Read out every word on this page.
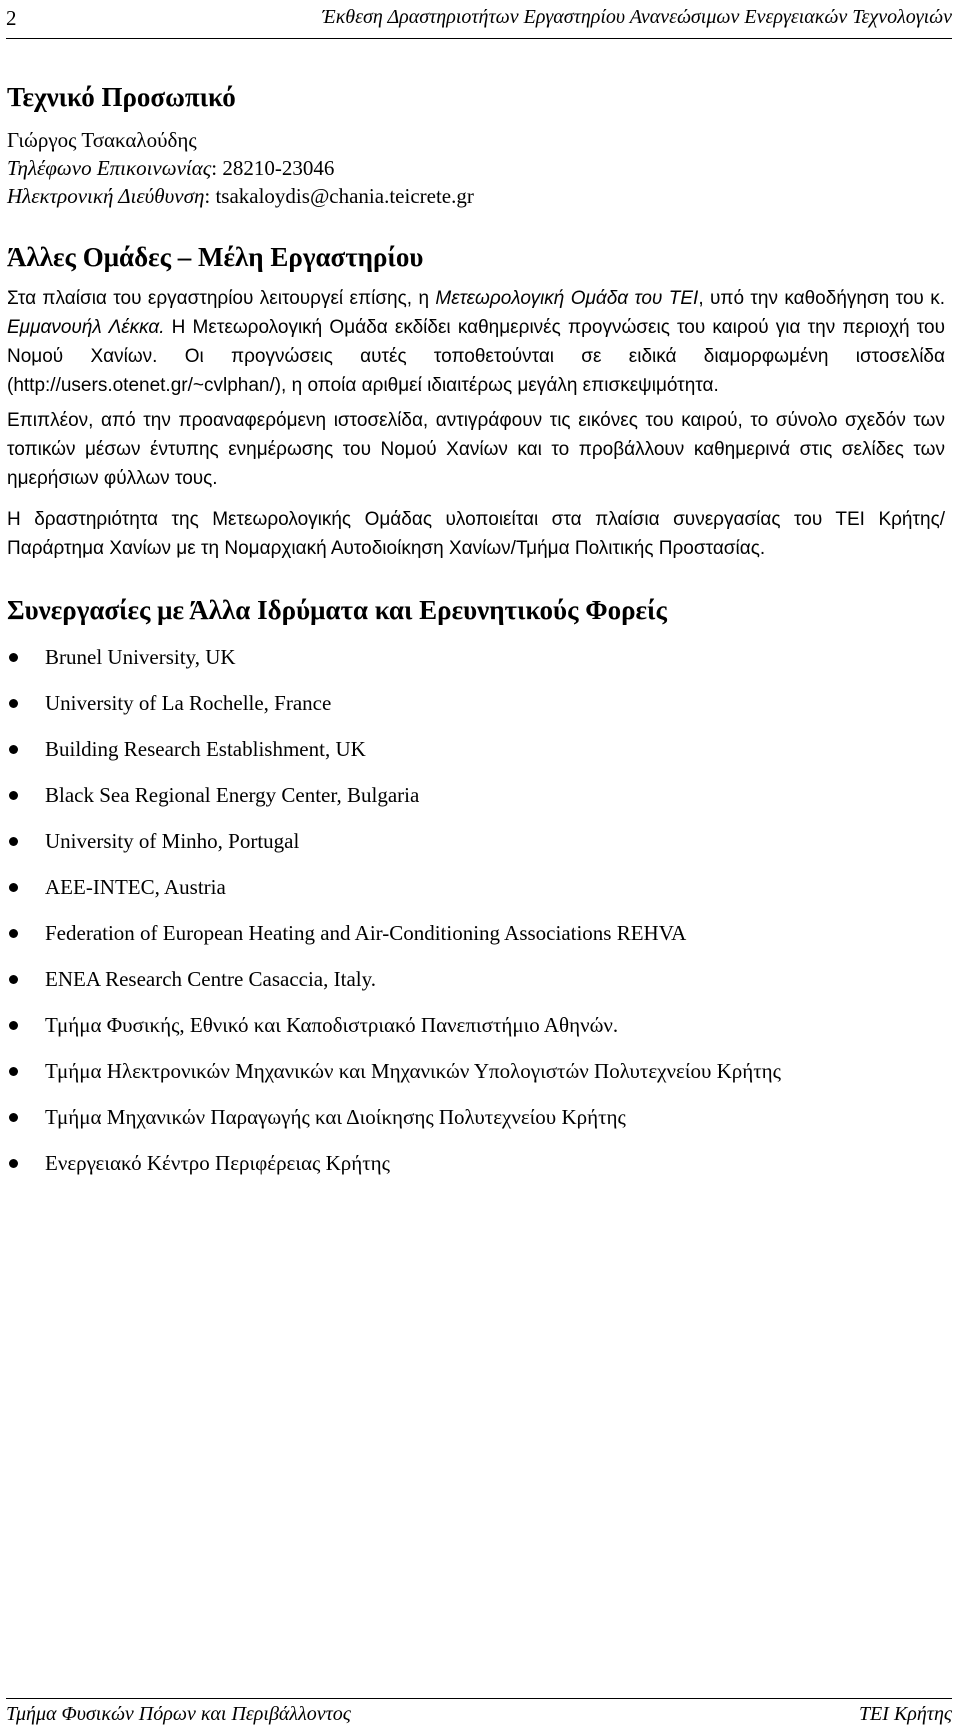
2	Έκθεση Δραστηριοτήτων Εργαστηρίου Ανανεώσιμων Ενεργειακών Τεχνολογιών
Τεχνικό Προσωπικό
Γιώργος Τσακαλούδης
Τηλέφωνο Επικοινωνίας: 28210-23046
Ηλεκτρονική Διεύθυνση: tsakaloydis@chania.teicrete.gr
Άλλες Ομάδες – Μέλη Εργαστηρίου

Στα πλαίσια του εργαστηρίου λειτουργεί επίσης, η Μετεωρολογική Ομάδα του ΤΕΙ, υπό την καθοδήγηση του κ. Εμμανουήλ Λέκκα. Η Μετεωρολογική Ομάδα εκδίδει καθημερινές προγνώσεις του καιρού για την περιοχή του Νομού Χανίων. Οι προγνώσεις αυτές τοποθετούνται σε ειδικά διαμορφωμένη ιστοσελίδα (http://users.otenet.gr/~cvlphan/), η οποία αριθμεί ιδιαιτέρως μεγάλη επισκεψιμότητα.

Επιπλέον, από την προαναφερόμενη ιστοσελίδα, αντιγράφουν τις εικόνες του καιρού, το σύνολο σχεδόν των τοπικών μέσων έντυπης ενημέρωσης του Νομού Χανίων και το προβάλλουν καθημερινά στις σελίδες των ημερήσιων φύλλων τους.

Η δραστηριότητα της Μετεωρολογικής Ομάδας υλοποιείται στα πλαίσια συνεργασίας του ΤΕΙ Κρήτης/Παράρτημα Χανίων με τη Νομαρχιακή Αυτοδιοίκηση Χανίων/Τμήμα Πολιτικής Προστασίας.

Συνεργασίες με Άλλα Ιδρύματα και Ερευνητικούς Φορείς
Brunel University, UK
University of La Rochelle, France
Building Research Establishment, UK
Black Sea Regional Energy Center, Bulgaria
University of Minho, Portugal
AEE-INTEC, Austria
Federation of European Heating and Air-Conditioning Associations REHVA
ENEA Research Centre Casaccia, Italy.
Τμήμα Φυσικής, Εθνικό και Καποδιστριακό Πανεπιστήμιο Αθηνών.
Τμήμα Ηλεκτρονικών Μηχανικών και Μηχανικών Υπολογιστών Πολυτεχνείου Κρήτης
Τμήμα Μηχανικών Παραγωγής και Διοίκησης Πολυτεχνείου Κρήτης
Ενεργειακό Κέντρο Περιφέρειας Κρήτης
Τμήμα Φυσικών Πόρων και Περιβάλλοντος	ΤΕΙ Κρήτης
